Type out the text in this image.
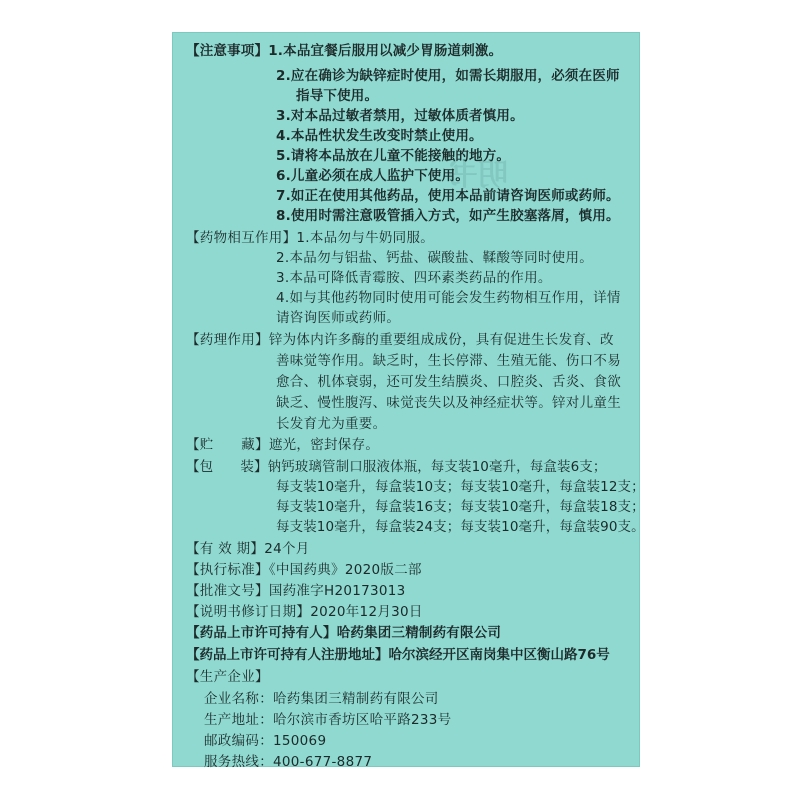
明书
【注意事项】1.本品宜餐后服用以减少胃肠道刺激。
2.应在确诊为缺锌症时使用，如需长期服用，必须在医师
指导下使用。
3.对本品过敏者禁用，过敏体质者慎用。
4.本品性状发生改变时禁止使用。
5.请将本品放在儿童不能接触的地方。
6.儿童必须在成人监护下使用。
7.如正在使用其他药品，使用本品前请咨询医师或药师。
8.使用时需注意吸管插入方式，如产生胶塞落屑，慎用。
【药物相互作用】1.本品勿与牛奶同服。
2.本品勿与铝盐、钙盐、碳酸盐、鞣酸等同时使用。
3.本品可降低青霉胺、四环素类药品的作用。
4.如与其他药物同时使用可能会发生药物相互作用，详情
请咨询医师或药师。
【药理作用】锌为体内许多酶的重要组成成份，具有促进生长发育、改
善味觉等作用。缺乏时，生长停滞、生殖无能、伤口不易
愈合、机体衰弱，还可发生结膜炎、口腔炎、舌炎、食欲
缺乏、慢性腹泻、味觉丧失以及神经症状等。锌对儿童生
长发育尤为重要。
【贮　　藏】遮光，密封保存。
【包　　装】钠钙玻璃管制口服液体瓶，每支装10毫升，每盒装6支；
每支装10毫升，每盒装10支；每支装10毫升，每盒装12支；
每支装10毫升，每盒装16支；每支装10毫升，每盒装18支；
每支装10毫升，每盒装24支；每支装10毫升，每盒装90支。
【有 效 期】24个月
【执行标准】《中国药典》2020版二部
【批准文号】国药准字H20173013
【说明书修订日期】2020年12月30日
【药品上市许可持有人】哈药集团三精制药有限公司
【药品上市许可持有人注册地址】哈尔滨经开区南岗集中区衡山路76号
【生产企业】
企业名称：哈药集团三精制药有限公司
生产地址：哈尔滨市香坊区哈平路233号
邮政编码：150069
服务热线：400-677-8877
